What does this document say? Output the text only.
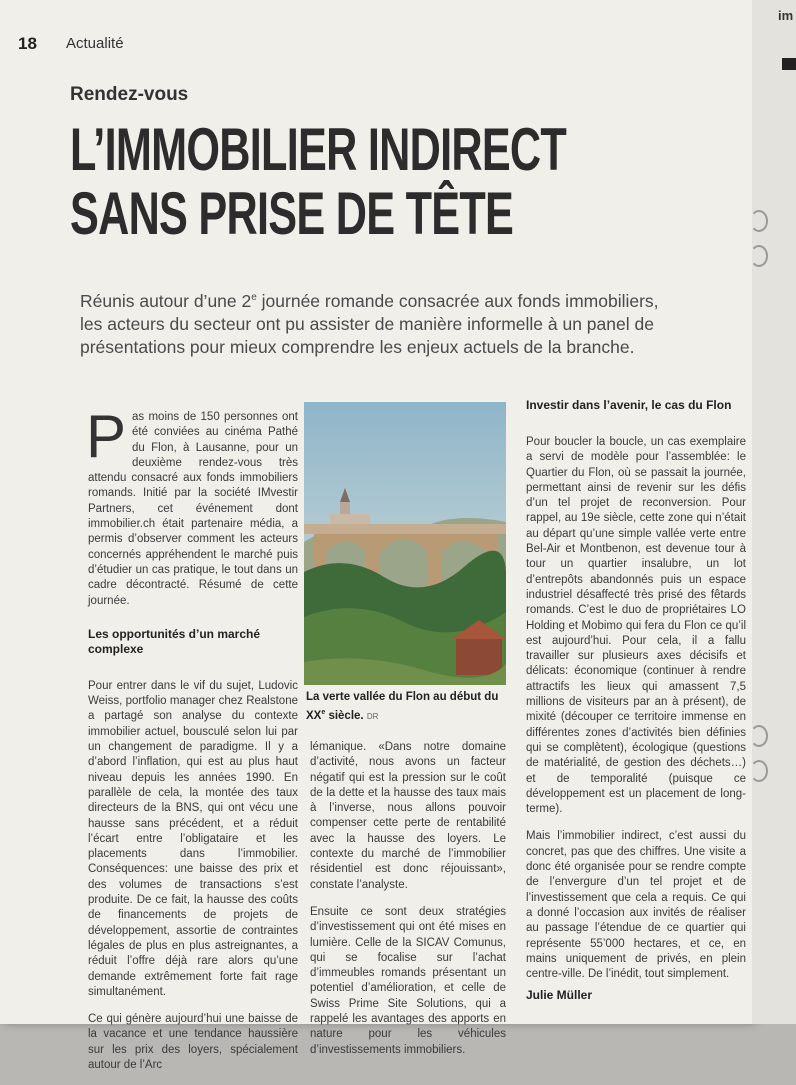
18 Actualité
Rendez-vous
L’IMMOBILIER INDIRECT
SANS PRISE DE TÊTE
Réunis autour d’une 2e journée romande consacrée aux fonds immobiliers, les acteurs du secteur ont pu assister de manière informelle à un panel de présentations pour mieux comprendre les enjeux actuels de la branche.

Pas moins de 150 personnes ont été conviées au cinéma Pathé du Flon, à Lausanne, pour un deuxième rendez-vous très attendu consacré aux fonds immobiliers romands. Initié par la société IMvestir Partners, cet événement dont immobilier.ch était partenaire média, a permis d’observer comment les acteurs concernés appréhendent le marché puis d’étudier un cas pratique, le tout dans un cadre décontracté. Résumé de cette journée.

Les opportunités d’un marché complexe

Pour entrer dans le vif du sujet, Ludovic Weiss, portfolio manager chez Realstone a partagé son analyse du contexte immobilier actuel, bousculé selon lui par un changement de paradigme. Il y a d’abord l’inflation, qui est au plus haut niveau depuis les années 1990. En parallèle de cela, la montée des taux directeurs de la BNS, qui ont vécu une hausse sans précédent, et a réduit l’écart entre l’obligataire et les placements dans l’immobilier. Conséquences: une baisse des prix et des volumes de transactions s’est produite. De ce fait, la hausse des coûts de financements de projets de développement, assortie de contraintes légales de plus en plus astreignantes, a réduit l’offre déjà rare alors qu’une demande extrêmement forte fait rage simultanément.

Ce qui génère aujourd’hui une baisse de la vacance et une tendance haussière sur les prix des loyers, spécialement autour de l’Arc

La verte vallée du Flon au début du XXe siècle. DR

lémanique. «Dans notre domaine d’activité, nous avons un facteur négatif qui est la pression sur le coût de la dette et la hausse des taux mais à l’inverse, nous allons pouvoir compenser cette perte de rentabilité avec la hausse des loyers. Le contexte du marché de l’immobilier résidentiel est donc réjouissant», constate l’analyste.

Ensuite ce sont deux stratégies d’investissement qui ont été mises en lumière. Celle de la SICAV Comunus, qui se focalise sur l’achat d’immeubles romands présentant un potentiel d’amélioration, et celle de Swiss Prime Site Solutions, qui a rappelé les avantages des apports en nature pour les véhicules d’investissements immobiliers.

Investir dans l’avenir, le cas du Flon

Pour boucler la boucle, un cas exemplaire a servi de modèle pour l’assemblée: le Quartier du Flon, où se passait la journée, permettant ainsi de revenir sur les défis d’un tel projet de reconversion. Pour rappel, au 19e siècle, cette zone qui n’était au départ qu’une simple vallée verte entre Bel-Air et Montbenon, est devenue tour à tour un quartier insalubre, un lot d’entrepôts abandonnés puis un espace industriel désaffecté très prisé des fêtards romands. C’est le duo de propriétaires LO Holding et Mobimo qui fera du Flon ce qu’il est aujourd’hui. Pour cela, il a fallu travailler sur plusieurs axes décisifs et délicats: économique (continuer à rendre attractifs les lieux qui amassent 7,5 millions de visiteurs par an à présent), de mixité (découper ce territoire immense en différentes zones d’activités bien définies qui se complètent), écologique (questions de matérialité, de gestion des déchets…) et de temporalité (puisque ce développement est un placement de long-terme).

Mais l’immobilier indirect, c’est aussi du concret, pas que des chiffres. Une visite a donc été organisée pour se rendre compte de l’envergure d’un tel projet et de l’investissement que cela a requis. Ce qui a donné l’occasion aux invités de réaliser au passage l’étendue de ce quartier qui représente 55’000 hectares, et ce, en mains uniquement de privés, en plein centre-ville. De l’inédit, tout simplement.

Julie Müller
im
